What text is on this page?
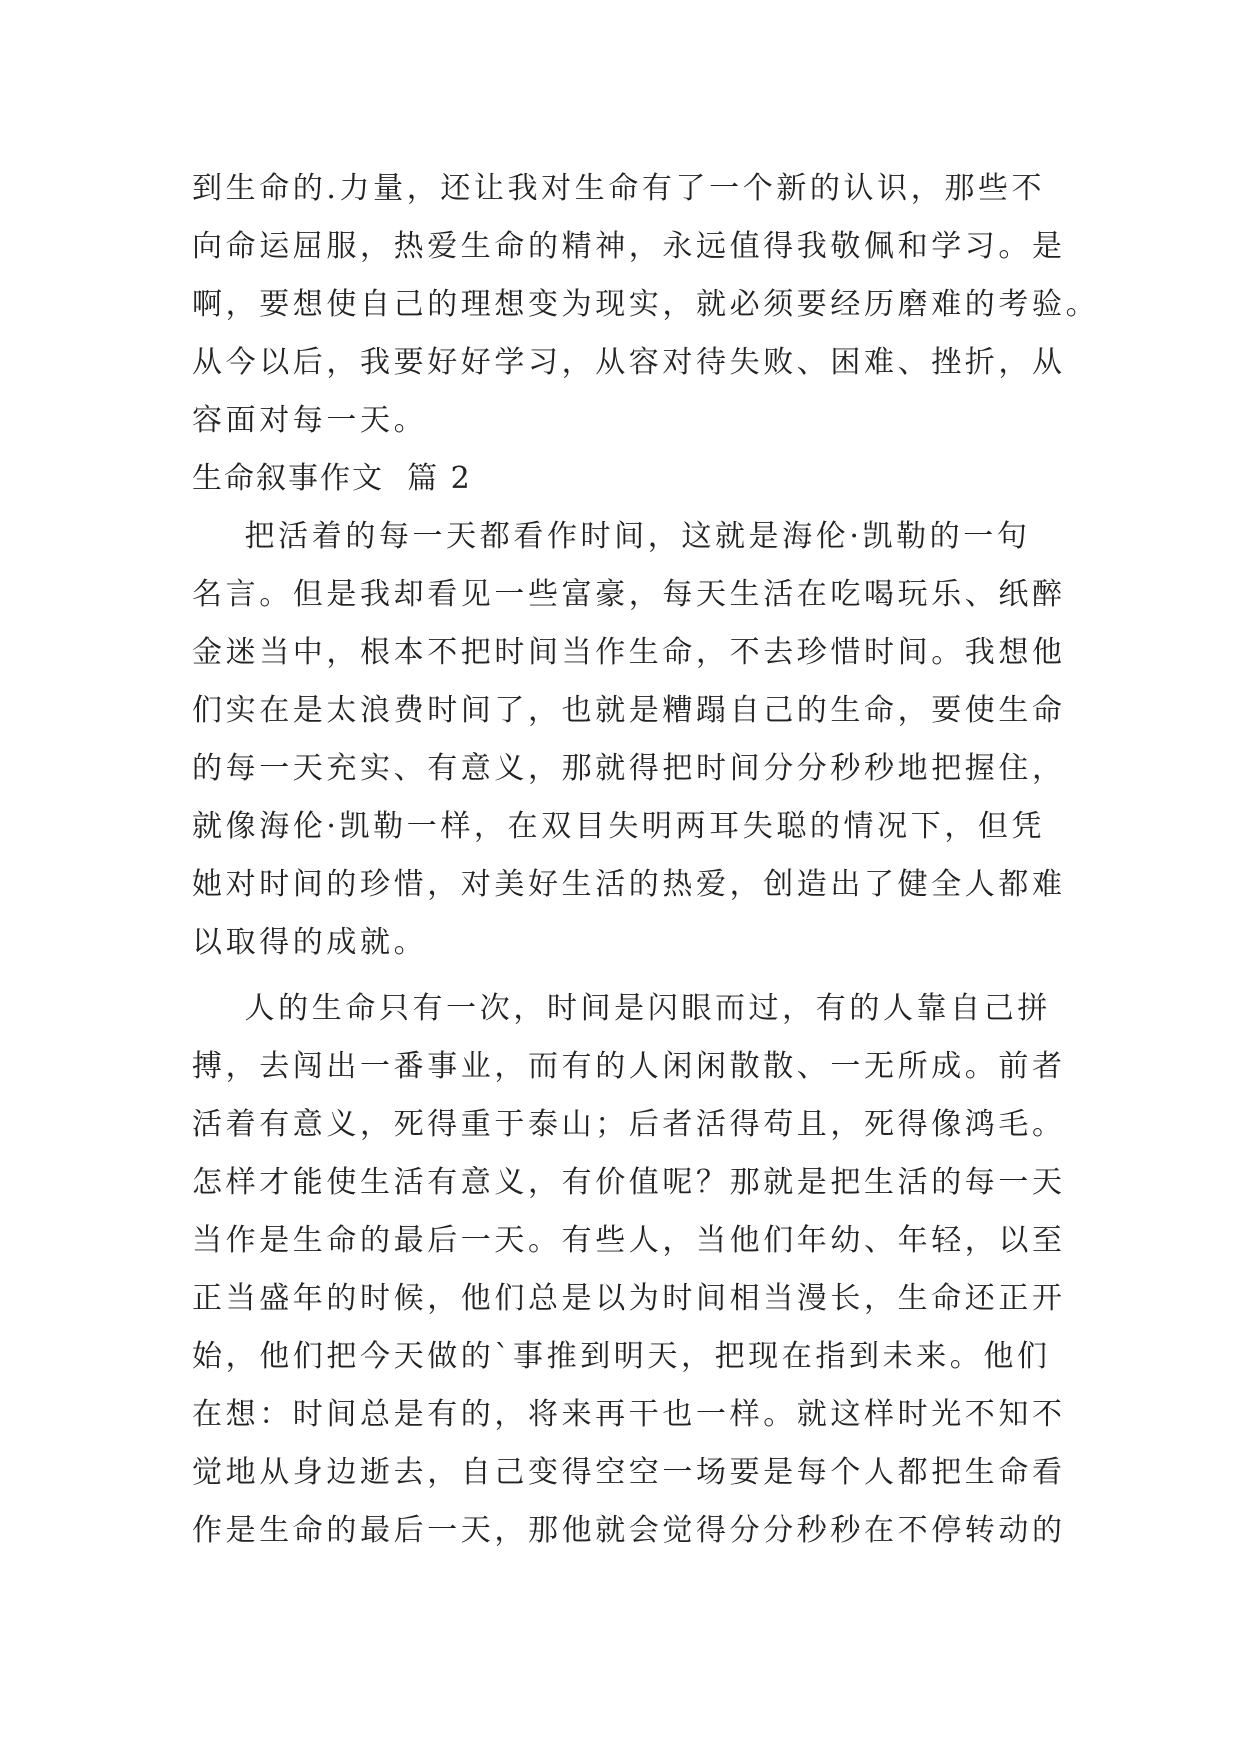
到生命的.力量，还让我对生命有了一个新的认识，那些不
向命运屈服，热爱生命的精神，永远值得我敬佩和学习。是
啊，要想使自己的理想变为现实，就必须要经历磨难的考验。
从今以后，我要好好学习，从容对待失败、困难、挫折，从
容面对每一天。
生命叙事作文  篇 2
把活着的每一天都看作时间，这就是海伦·凯勒的一句
名言。但是我却看见一些富豪，每天生活在吃喝玩乐、纸醉
金迷当中，根本不把时间当作生命，不去珍惜时间。我想他
们实在是太浪费时间了，也就是糟蹋自己的生命，要使生命
的每一天充实、有意义，那就得把时间分分秒秒地把握住，
就像海伦·凯勒一样，在双目失明两耳失聪的情况下，但凭
她对时间的珍惜，对美好生活的热爱，创造出了健全人都难
以取得的成就。
人的生命只有一次，时间是闪眼而过，有的人靠自己拼
搏，去闯出一番事业，而有的人闲闲散散、一无所成。前者
活着有意义，死得重于泰山；后者活得苟且，死得像鸿毛。
怎样才能使生活有意义，有价值呢？那就是把生活的每一天
当作是生命的最后一天。有些人，当他们年幼、年轻，以至
正当盛年的时候，他们总是以为时间相当漫长，生命还正开
始，他们把今天做的`事推到明天，把现在指到未来。他们
在想：时间总是有的，将来再干也一样。就这样时光不知不
觉地从身边逝去，自己变得空空一场要是每个人都把生命看
作是生命的最后一天，那他就会觉得分分秒秒在不停转动的
